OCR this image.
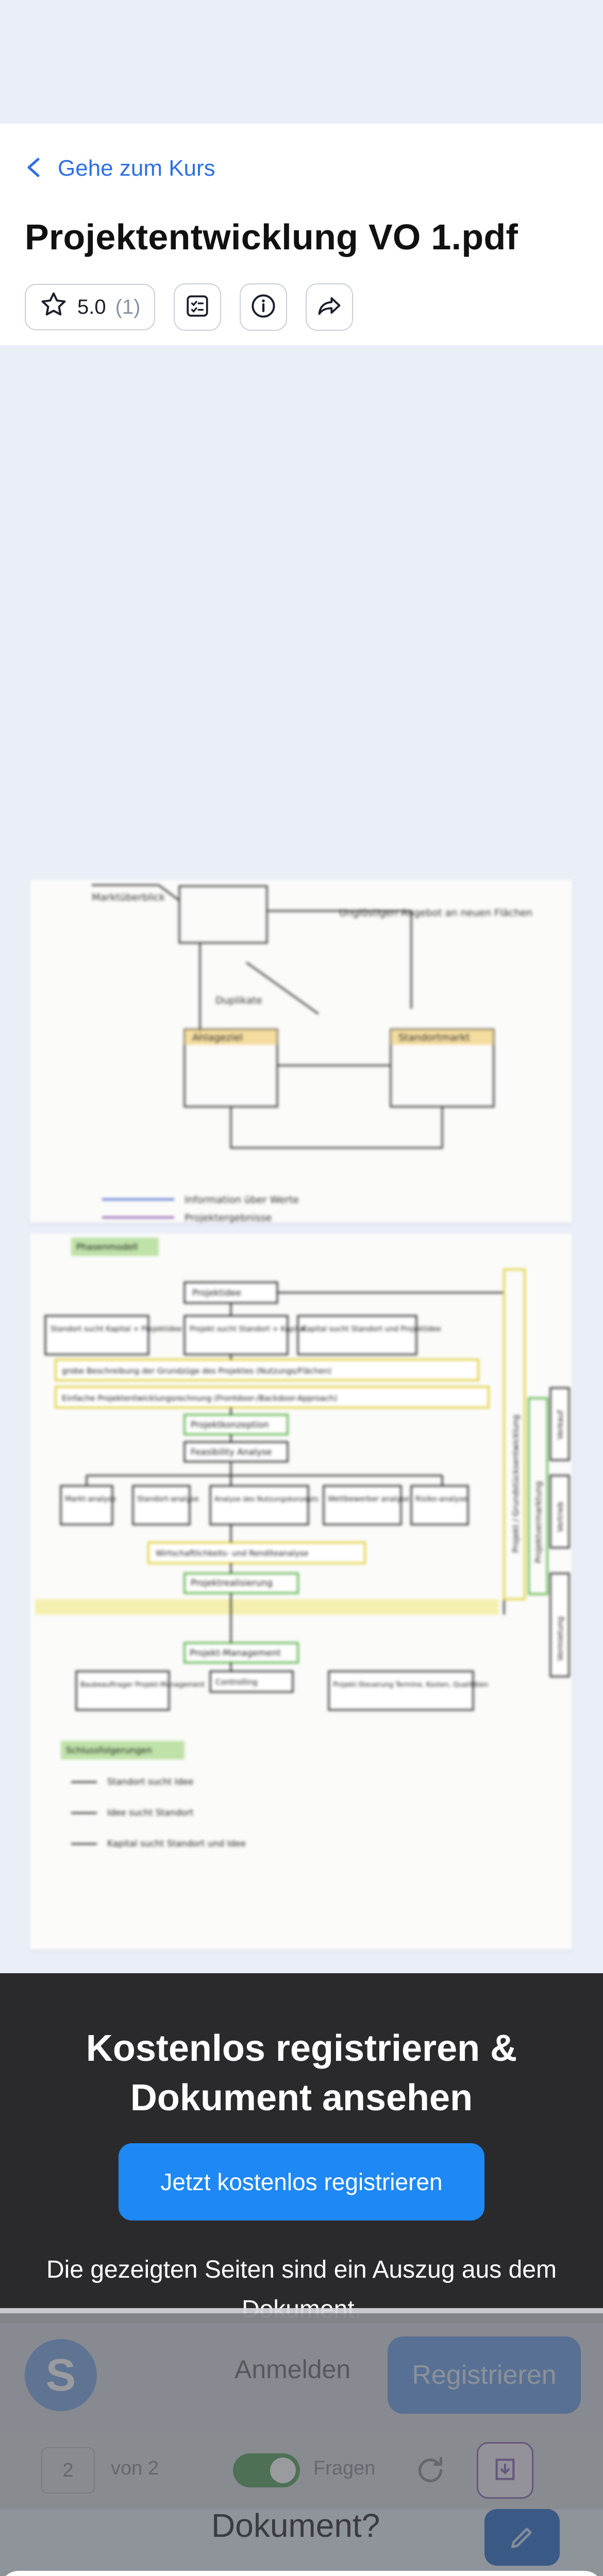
Gehe zum Kurs
Projektentwicklung VO 1.pdf
5.0 (1)
Marktüberblick
Ungiüstigen Angebot an neuen Flächen
Duplikate
Anlageziel	Standortmarkt
Information über Werte
Projektergebnisse
Phasenmodell
Projektidee
Standort sucht Kapital + Projektidee Projekt sucht Standort + Kapital
Kapital sucht Standort und Projektidee
grobe Beschreibung der Grundzüge des Projektes (Nutzungs/Flächen)
Einfache Projektentwicklungsrechnung (Frontdoor-/Backdoor-Approach)
Projektkonzeption
Feasibility Analyse
Markt-analyse	Standort-analyse Analyse des Nutzungskonzepts Wettbewerber analyse Risiko-analyse
Wirtschaftlichkeits- und Renditeanalyse
Projektrealisierung
Projekt-Management
Baubeauftrager Projekt-Management Controlling	Projekt-Steuerung Termine, Kosten, Qualitäten
Projekt / Grundstücksentwicklung Projektvermarktung
Verkauf
Vertrieb
Vermietung
Schlussfolgerungen
Standort sucht Idee
Idee sucht Standort
Kapital sucht Standort und Idee
Kostenlos registrieren &
Dokument ansehen
Jetzt kostenlos registrieren
Die gezeigten Seiten sind ein Auszug aus dem
